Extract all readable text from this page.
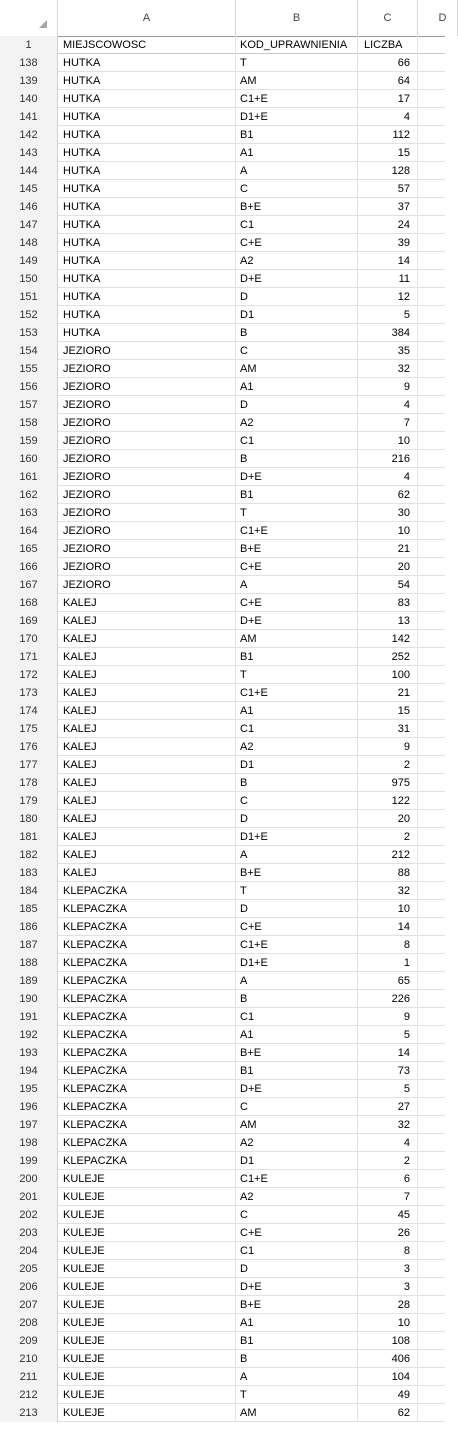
A	B	C	D
1	MIEJSCOWOSC	KOD_UPRAWNIENIA	LICZBA
138	HUTKA	T	66
139	HUTKA	AM	64
140	HUTKA	C1+E	17
141	HUTKA	D1+E	4
142	HUTKA	B1	112
143	HUTKA	A1	15
144	HUTKA	A	128
145	HUTKA	C	57
146	HUTKA	B+E	37
147	HUTKA	C1	24
148	HUTKA	C+E	39
149	HUTKA	A2	14
150	HUTKA	D+E	11
151	HUTKA	D	12
152	HUTKA	D1	5
153	HUTKA	B	384
154	JEZIORO	C	35
155	JEZIORO	AM	32
156	JEZIORO	A1	9
157	JEZIORO	D	4
158	JEZIORO	A2	7
159	JEZIORO	C1	10
160	JEZIORO	B	216
161	JEZIORO	D+E	4
162	JEZIORO	B1	62
163	JEZIORO	T	30
164	JEZIORO	C1+E	10
165	JEZIORO	B+E	21
166	JEZIORO	C+E	20
167	JEZIORO	A	54
168	KALEJ	C+E	83
169	KALEJ	D+E	13
170	KALEJ	AM	142
171	KALEJ	B1	252
172	KALEJ	T	100
173	KALEJ	C1+E	21
174	KALEJ	A1	15
175	KALEJ	C1	31
176	KALEJ	A2	9
177	KALEJ	D1	2
178	KALEJ	B	975
179	KALEJ	C	122
180	KALEJ	D	20
181	KALEJ	D1+E	2
182	KALEJ	A	212
183	KALEJ	B+E	88
184	KLEPACZKA	T	32
185	KLEPACZKA	D	10
186	KLEPACZKA	C+E	14
187	KLEPACZKA	C1+E	8
188	KLEPACZKA	D1+E	1
189	KLEPACZKA	A	65
190	KLEPACZKA	B	226
191	KLEPACZKA	C1	9
192	KLEPACZKA	A1	5
193	KLEPACZKA	B+E	14
194	KLEPACZKA	B1	73
195	KLEPACZKA	D+E	5
196	KLEPACZKA	C	27
197	KLEPACZKA	AM	32
198	KLEPACZKA	A2	4
199	KLEPACZKA	D1	2
200	KULEJE	C1+E	6
201	KULEJE	A2	7
202	KULEJE	C	45
203	KULEJE	C+E	26
204	KULEJE	C1	8
205	KULEJE	D	3
206	KULEJE	D+E	3
207	KULEJE	B+E	28
208	KULEJE	A1	10
209	KULEJE	B1	108
210	KULEJE	B	406
211	KULEJE	A	104
212	KULEJE	T	49
213	KULEJE	AM	62
